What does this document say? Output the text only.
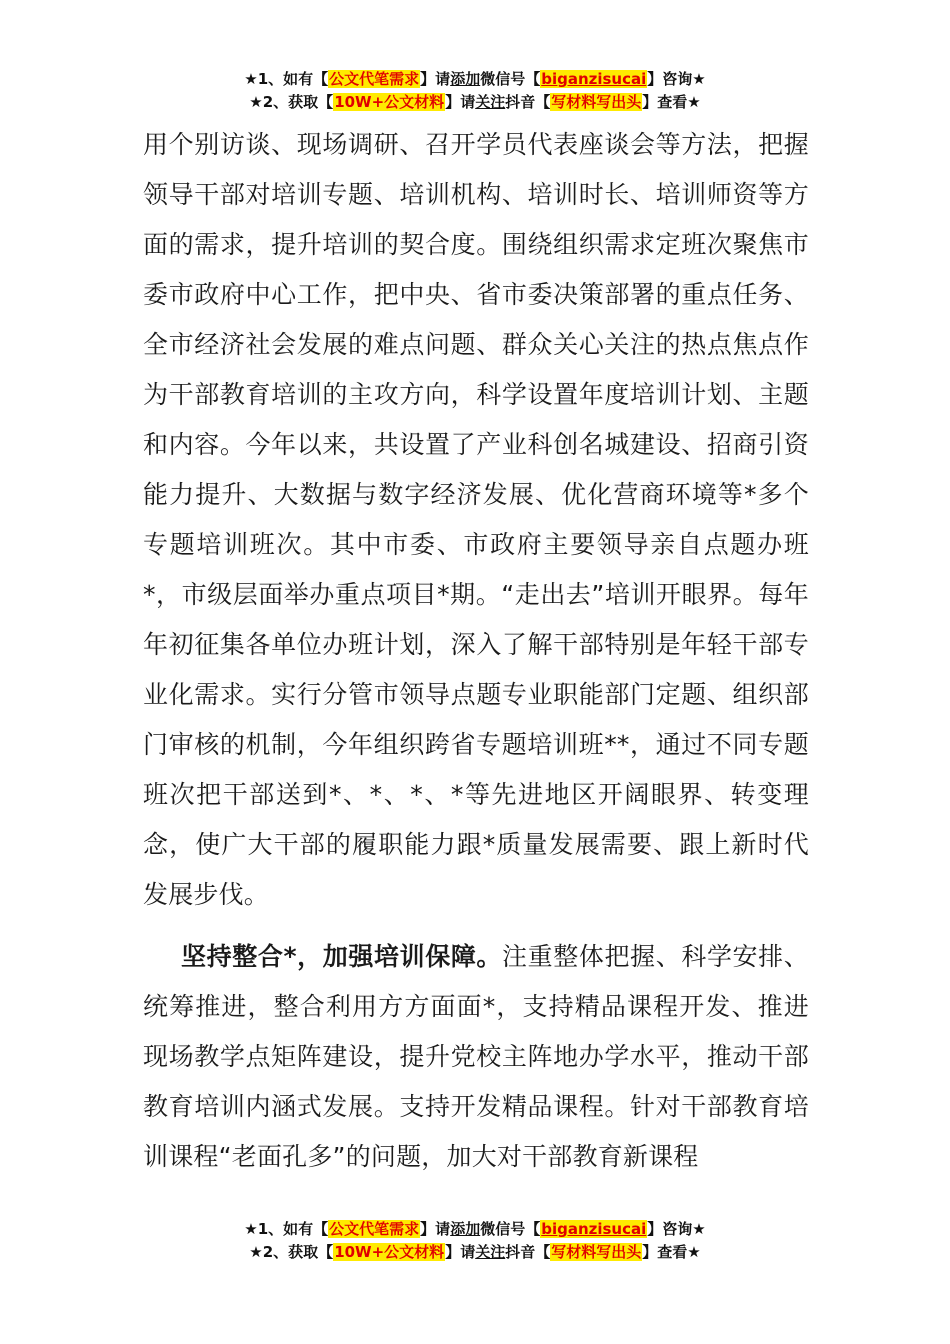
★1、如有【公文代笔需求】请添加微信号【biganzisucai】咨询★
★2、获取【10W+公文材料】请关注抖音【写材料写出头】查看★

用个别访谈、现场调研、召开学员代表座谈会等方法，把握领导干部对培训专题、培训机构、培训时长、培训师资等方面的需求，提升培训的契合度。围绕组织需求定班次聚焦市委市政府中心工作，把中央、省市委决策部署的重点任务、全市经济社会发展的难点问题、群众关心关注的热点焦点作为干部教育培训的主攻方向，科学设置年度培训计划、主题和内容。今年以来，共设置了产业科创名城建设、招商引资能力提升、大数据与数字经济发展、优化营商环境等*多个专题培训班次。其中市委、市政府主要领导亲自点题办班*，市级层面举办重点项目*期。“走出去”培训开眼界。每年年初征集各单位办班计划，深入了解干部特别是年轻干部专业化需求。实行分管市领导点题专业职能部门定题、组织部门审核的机制，今年组织跨省专题培训班**，通过不同专题班次把干部送到*、*、*、*等先进地区开阔眼界、转变理念，使广大干部的履职能力跟*质量发展需要、跟上新时代发展步伐。

坚持整合*，加强培训保障。注重整体把握、科学安排、统筹推进，整合利用方方面面*，支持精品课程开发、推进现场教学点矩阵建设，提升党校主阵地办学水平，推动干部教育培训内涵式发展。支持开发精品课程。针对干部教育培训课程“老面孔多”的问题，加大对干部教育新课程

★1、如有【公文代笔需求】请添加微信号【biganzisucai】咨询★
★2、获取【10W+公文材料】请关注抖音【写材料写出头】查看★
